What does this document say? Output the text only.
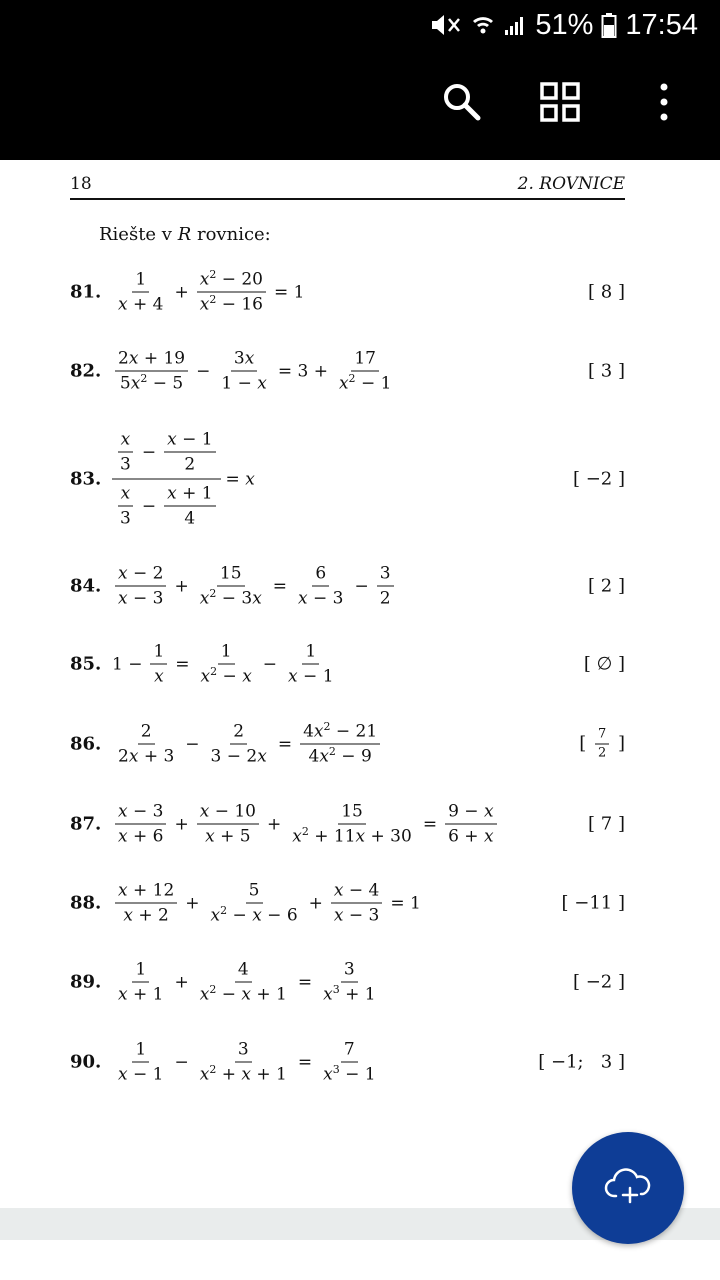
51% 17:54
18	2. ROVNICE
Riešte v R rovnice:
81. $\frac{1}{x + 4} + \frac{x^2 - 20}{x^2 - 16} = 1$	[ 8 ]
82. $\frac{2x + 19}{5x^2 - 5} - \frac{3x}{1 - x} = 3 + \frac{17}{x^2 - 1}$	[ 3 ]
83.
$\frac{x}{3} - \frac{x - 1}{2}$
$\frac{x}{3} - \frac{x + 1}{4}$
= x	[ −2 ]
84. $\frac{x - 2}{x - 3} + \frac{15}{x^2 - 3x} = \frac{6}{x - 3} - \frac{3}{2}$	[ 2 ]
85. $1 - \frac{1}{x} = \frac{1}{x^2 - x} - \frac{1}{x - 1}$	[ ∅ ]
86. $\frac{2}{2x + 3} - \frac{2}{3 - 2x} = \frac{4x^2 - 21}{4x^2 - 9}$	[ $\frac{7}{2}$ ]
87. $\frac{x - 3}{x + 6} + \frac{x - 10}{x + 5} + \frac{15}{x^2 + 11x + 30} = \frac{9 - x}{6 + x}$	[ 7 ]
88. $\frac{x + 12}{x + 2} + \frac{5}{x^2 - x - 6} + \frac{x - 4}{x - 3} = 1$	[ −11 ]
89. $\frac{1}{x + 1} + \frac{4}{x^2 - x + 1} = \frac{3}{x^3 + 1}$	[ −2 ]
90. $\frac{1}{x - 1} - \frac{3}{x^2 + x + 1} = \frac{7}{x^3 - 1}$	[ −1;   3 ]
